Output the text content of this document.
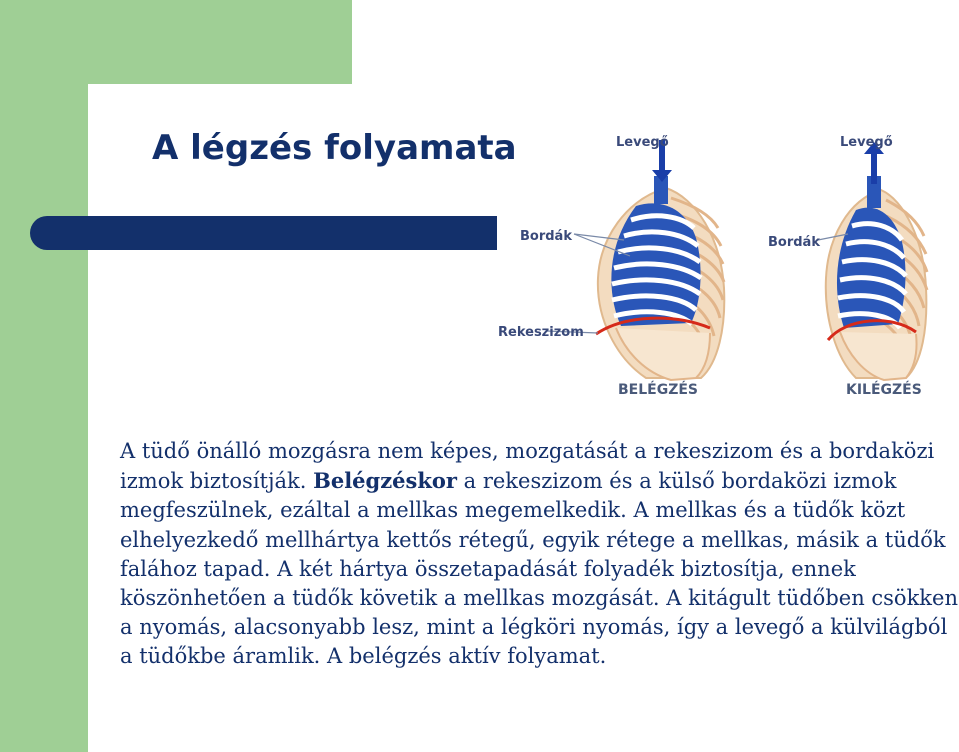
A légzés folyamata	Levegő
Bordák
Rekeszizom
BELÉGZÉS
Levegő
Bordák
KILÉGZÉS

A tüdő önálló mozgásra nem képes, mozgatását a rekeszizom és a bordaközi izmok biztosítják. Belégzéskor a rekeszizom és a külső bordaközi izmok megfeszülnek, ezáltal a mellkas megemelkedik. A mellkas és a tüdők közt elhelyezkedő mellhártya kettős rétegű, egyik rétege a mellkas, másik a tüdők falához tapad. A két hártya összetapadását folyadék biztosítja, ennek köszönhetően a tüdők követik a mellkas mozgását. A kitágult tüdőben csökken a nyomás, alacsonyabb lesz, mint a légköri nyomás, így a levegő a külvilágból a tüdőkbe áramlik. A belégzés aktív folyamat.
